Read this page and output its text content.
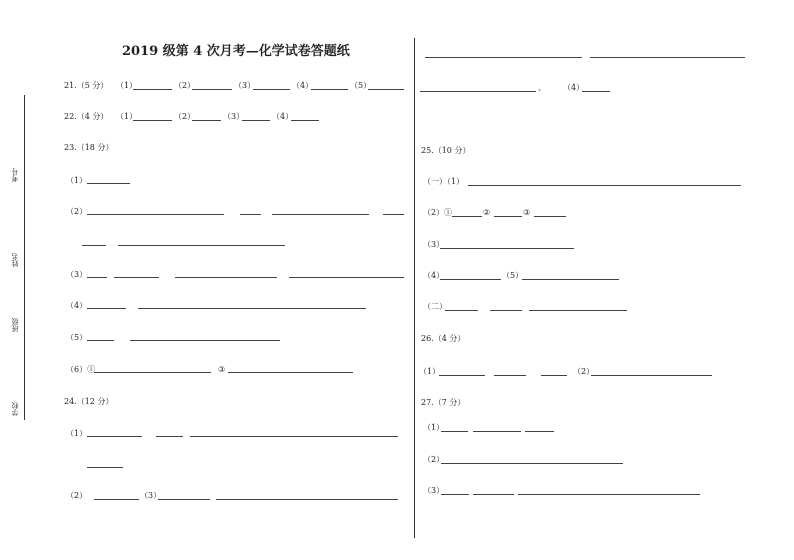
2019 级第 4 次月考—化学试卷答题纸
考号
姓名
班级
学校
21.（5 分） （1）	（2）	（3）	（4）	（5）
22.（4 分） （1）	（2）	（3）	（4）
23.（18 分）
（1）
（2）
（3）
（4）
（5）
（6）①	③
24.（12 分）
（1）
（2）	（3）
、 （4）
25.（10 分）
（一）（1）
（2）①	②	③
（3）
（4）	（5）
（二）
26.（4 分）
（1）	（2）
27.（7 分）
（1）
（2）
（3）
